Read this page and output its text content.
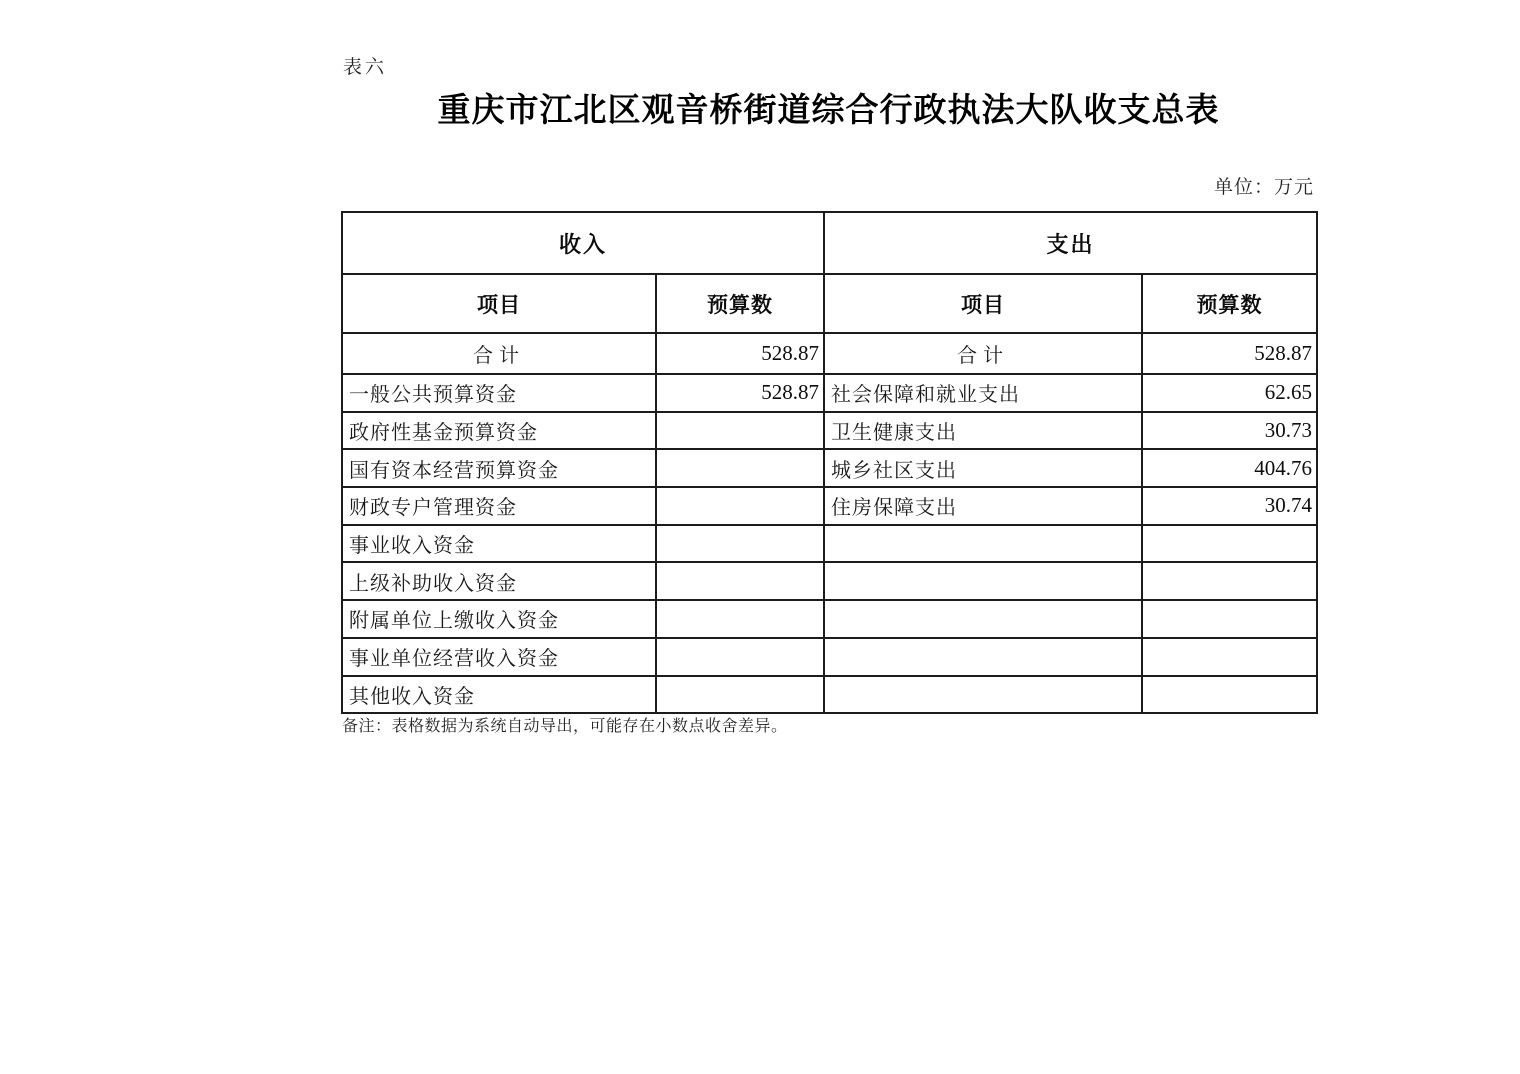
表六
重庆市江北区观音桥街道综合行政执法大队收支总表
单位：万元
收入		支出	
项目	预算数	项目	预算数
合计	528.87	合计	528.87
一般公共预算资金	528.87	社会保障和就业支出	62.65
政府性基金预算资金		卫生健康支出	30.73
国有资本经营预算资金		城乡社区支出	404.76
财政专户管理资金		住房保障支出	30.74
事业收入资金			
上级补助收入资金			
附属单位上缴收入资金			
事业单位经营收入资金			
其他收入资金			
备注：表格数据为系统自动导出，可能存在小数点收舍差异。
